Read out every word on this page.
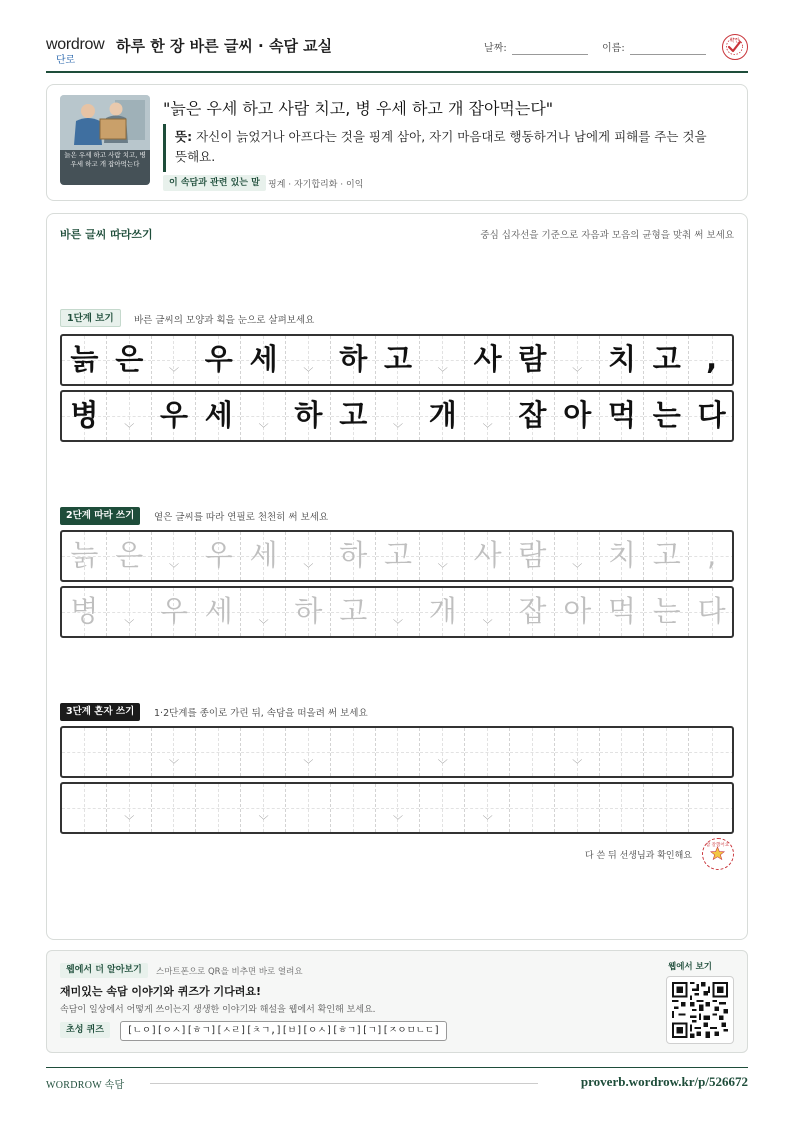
wordrow
단로
하루 한 장 바른 글씨 · 속담 교실	날짜:	이름:
확인
늙은 우세 하고 사람 치고, 병 우세 하고 개 잡아먹는다
"늙은 우세 하고 사람 치고, 병 우세 하고 개 잡아먹는다"
뜻: 자신이 늙었거나 아프다는 것을 핑계 삼아, 자기 마음대로 행동하거나 남에게 피해를 주는 것을 뜻해요.
이 속담과 관련 있는 말 핑계 · 자기합리화 · 이익
바른 글씨 따라쓰기	중심 십자선을 기준으로 자음과 모음의 균형을 맞춰 써 보세요
1단계 보기	바른 글씨의 모양과 획을 눈으로 살펴보세요
늙 은	﹀ 우 세	﹀ 하 고	﹀ 사 람	﹀ 치 고 ,
병	﹀ 우 세	﹀ 하 고	﹀ 개	﹀ 잡 아 먹 는 다
2단계 따라 쓰기	옅은 글씨를 따라 연필로 천천히 써 보세요
늙 은	﹀ 우 세	﹀ 하 고	﹀ 사 람	﹀ 치 고 ,
병	﹀ 우 세	﹀ 하 고	﹀ 개	﹀ 잡 아 먹 는 다
3단계 혼자 쓰기	1·2단계를 종이로 가린 뒤, 속담을 떠올려 써 보세요
﹀	﹀	﹀	﹀
﹀	﹀	﹀	﹀
다 쓴 뒤 선생님과 확인해요
참 잘했어요
웹에서 더 알아보기	스마트폰으로 QR을 비추면 바로 열려요
재미있는 속담 이야기와 퀴즈가 기다려요!
속담이 일상에서 어떻게 쓰이는지 생생한 이야기와 해설을 웹에서 확인해 보세요.
초성 퀴즈	[ㄴㅇ][ㅇㅅ][ㅎㄱ][ㅅㄹ][ㅊㄱ,][ㅂ][ㅇㅅ][ㅎㄱ][ㄱ][ㅈㅇㅁㄴㄷ]
웹에서 보기
WORDROW 속담	proverb.wordrow.kr/p/526672
